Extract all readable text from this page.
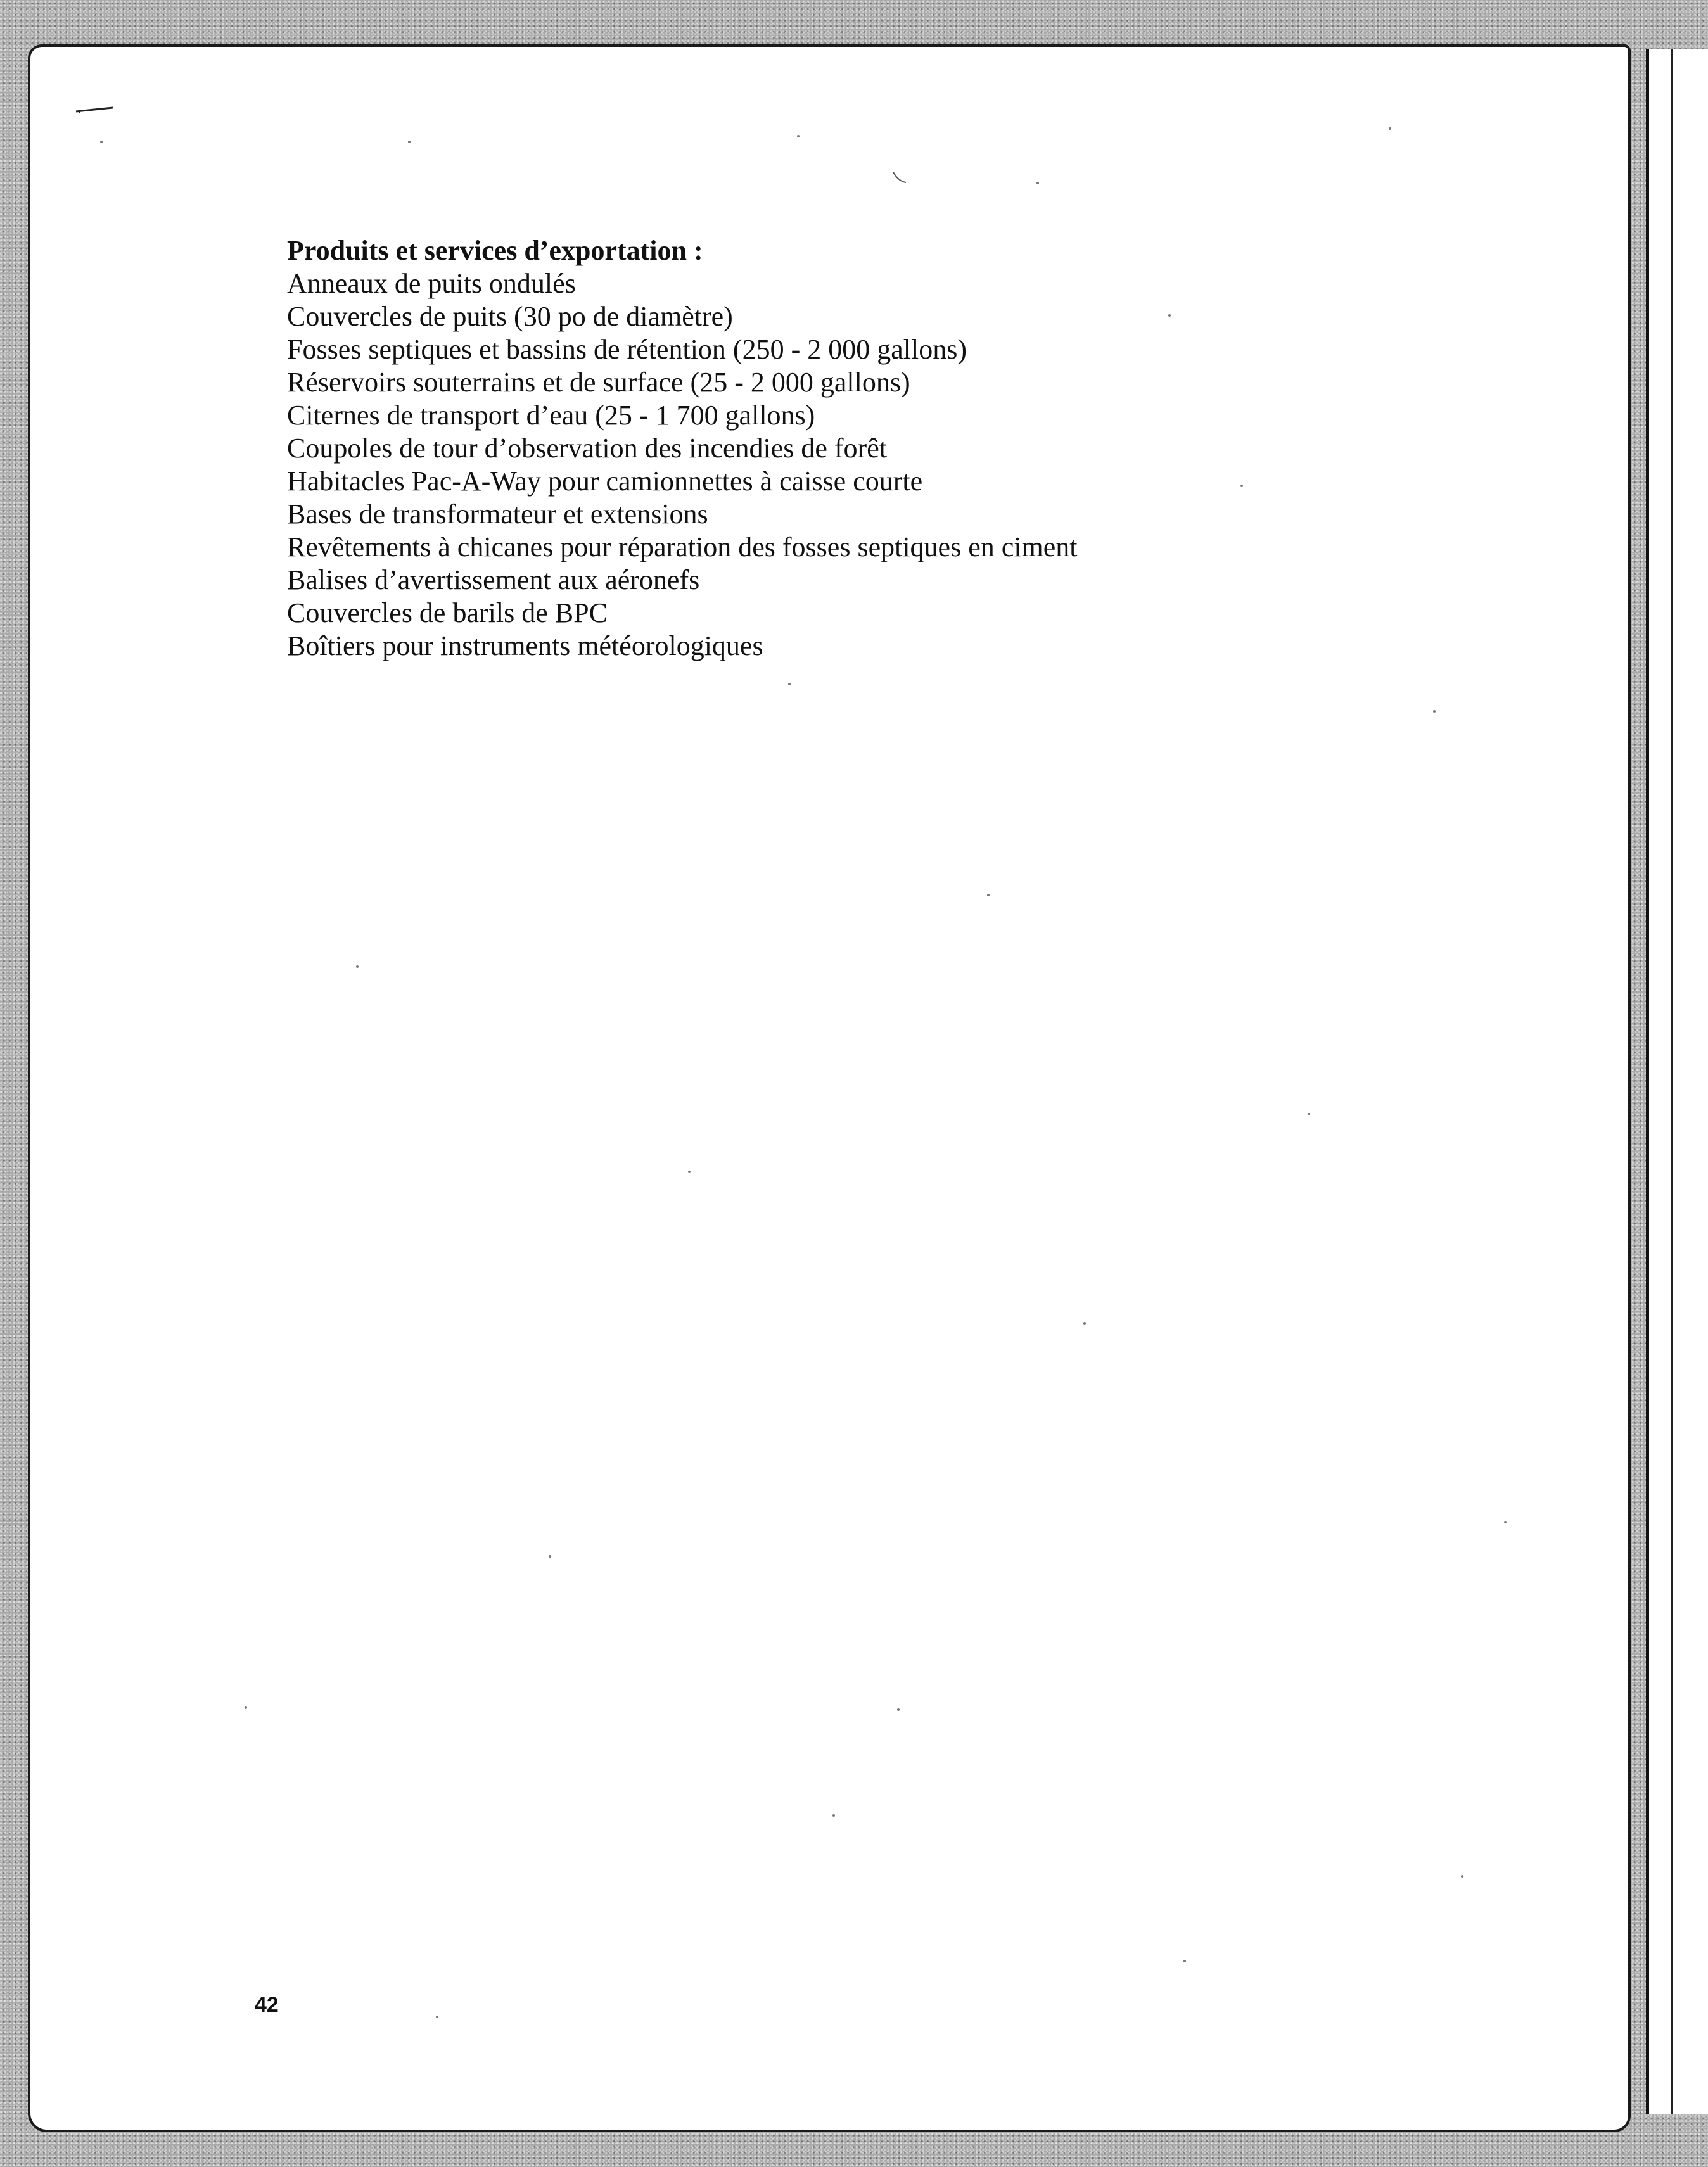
Produits et services d’exportation :
Anneaux de puits ondulés
Couvercles de puits (30 po de diamètre)
Fosses septiques et bassins de rétention (250 - 2 000 gallons)
Réservoirs souterrains et de surface (25 - 2 000 gallons)
Citernes de transport d’eau (25 - 1 700 gallons)
Coupoles de tour d’observation des incendies de forêt
Habitacles Pac-A-Way pour camionnettes à caisse courte
Bases de transformateur et extensions
Revêtements à chicanes pour réparation des fosses septiques en ciment
Balises d’avertissement aux aéronefs
Couvercles de barils de BPC
Boîtiers pour instruments météorologiques
42
